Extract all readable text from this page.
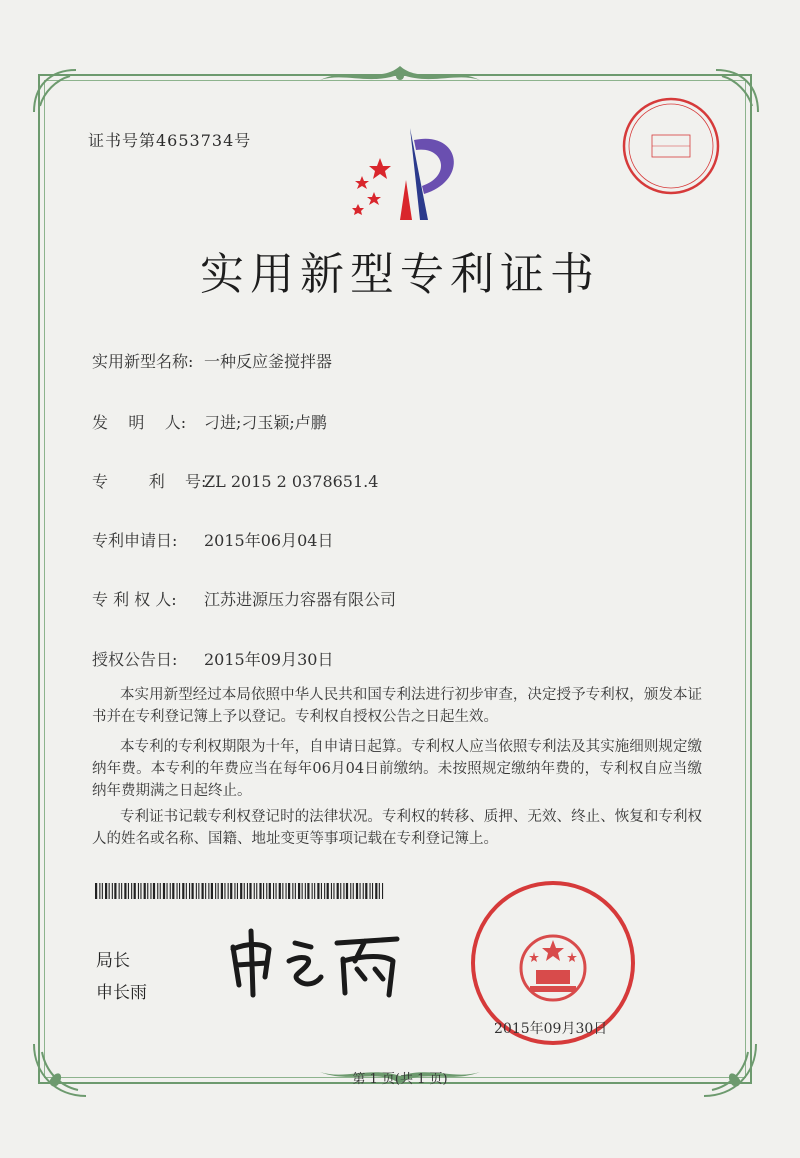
证书号第4653734号
实用新型专利证书
实用新型名称: 一种反应釜搅拌器
发    明    人: 刁进;刁玉颖;卢鹏
专        利    号:ZL 2015 2 0378651.4
专利申请日: 2015年06月04日
专 利 权 人: 江苏进源压力容器有限公司
授权公告日: 2015年09月30日
本实用新型经过本局依照中华人民共和国专利法进行初步审查，决定授予专利权，颁发本证书并在专利登记簿上予以登记。专利权自授权公告之日起生效。
本专利的专利权期限为十年，自申请日起算。专利权人应当依照专利法及其实施细则规定缴纳年费。本专利的年费应当在每年06月04日前缴纳。未按照规定缴纳年费的，专利权自应当缴纳年费期满之日起终止。
专利证书记载专利权登记时的法律状况。专利权的转移、质押、无效、终止、恢复和专利权人的姓名或名称、国籍、地址变更等事项记载在专利登记簿上。
局长
申长雨
2015年09月30日
第 1 页(共 1 页)
